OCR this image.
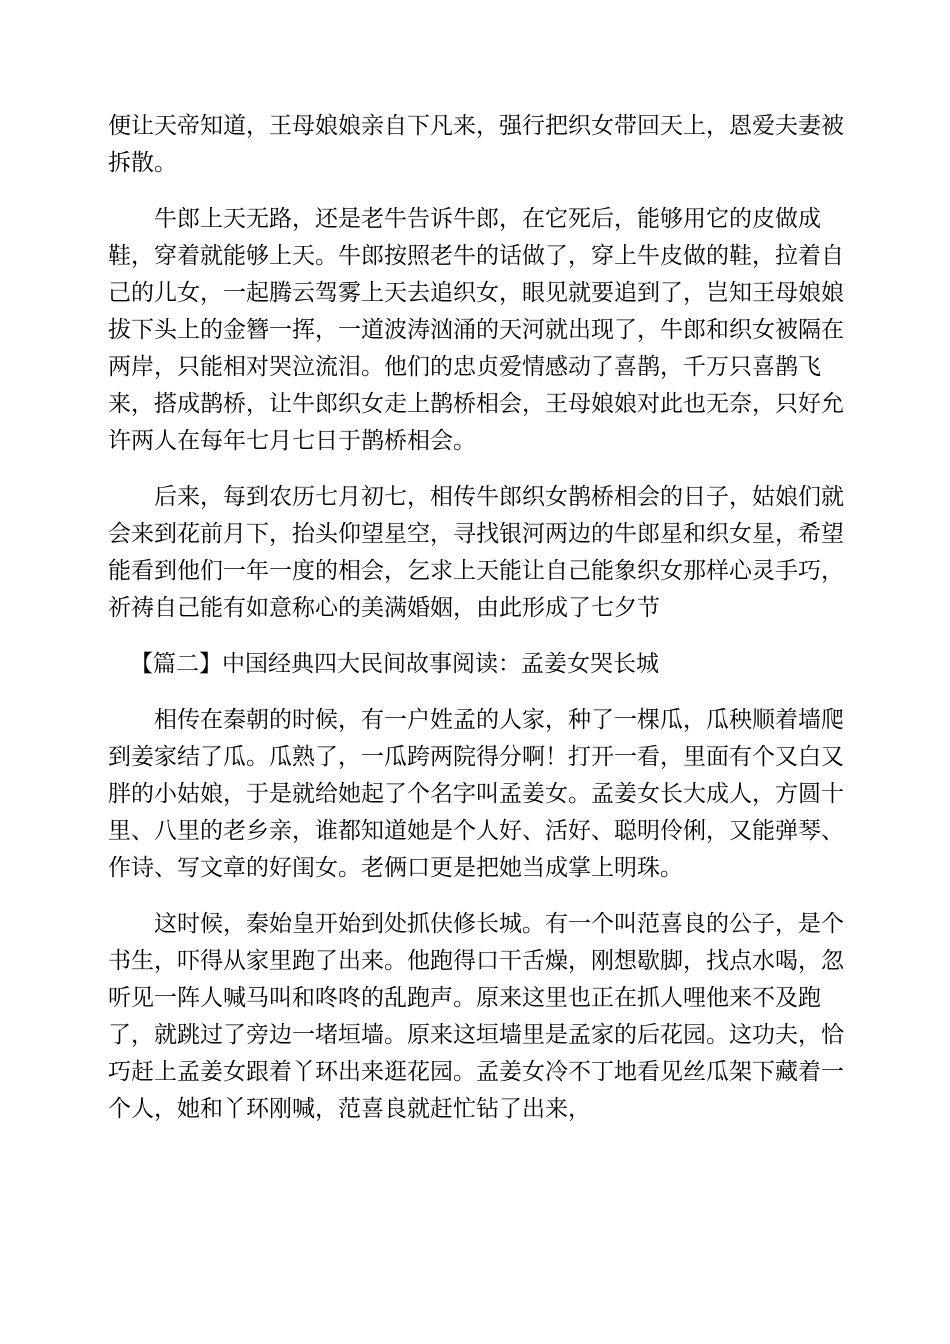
便让天帝知道，王母娘娘亲自下凡来，强行把织女带回天上，恩爱夫妻被拆散。

牛郎上天无路，还是老牛告诉牛郎，在它死后，能够用它的皮做成鞋，穿着就能够上天。牛郎按照老牛的话做了，穿上牛皮做的鞋，拉着自己的儿女，一起腾云驾雾上天去追织女，眼见就要追到了，岂知王母娘娘拔下头上的金簪一挥，一道波涛汹涌的天河就出现了，牛郎和织女被隔在两岸，只能相对哭泣流泪。他们的忠贞爱情感动了喜鹊，千万只喜鹊飞来，搭成鹊桥，让牛郎织女走上鹊桥相会，王母娘娘对此也无奈，只好允许两人在每年七月七日于鹊桥相会。

后来，每到农历七月初七，相传牛郎织女鹊桥相会的日子，姑娘们就会来到花前月下，抬头仰望星空，寻找银河两边的牛郎星和织女星，希望能看到他们一年一度的相会，乞求上天能让自己能象织女那样心灵手巧，祈祷自己能有如意称心的美满婚姻，由此形成了七夕节

【篇二】中国经典四大民间故事阅读：孟姜女哭长城

相传在秦朝的时候，有一户姓孟的人家，种了一棵瓜，瓜秧顺着墙爬到姜家结了瓜。瓜熟了，一瓜跨两院得分啊！打开一看，里面有个又白又胖的小姑娘，于是就给她起了个名字叫孟姜女。孟姜女长大成人，方圆十里、八里的老乡亲，谁都知道她是个人好、活好、聪明伶俐，又能弹琴、作诗、写文章的好闺女。老俩口更是把她当成掌上明珠。

这时候，秦始皇开始到处抓伕修长城。有一个叫范喜良的公子，是个书生，吓得从家里跑了出来。他跑得口干舌燥，刚想歇脚，找点水喝，忽听见一阵人喊马叫和咚咚的乱跑声。原来这里也正在抓人哩他来不及跑了，就跳过了旁边一堵垣墙。原来这垣墙里是孟家的后花园。这功夫，恰巧赶上孟姜女跟着丫环出来逛花园。孟姜女冷不丁地看见丝瓜架下藏着一个人，她和丫环刚喊，范喜良就赶忙钻了出来，
